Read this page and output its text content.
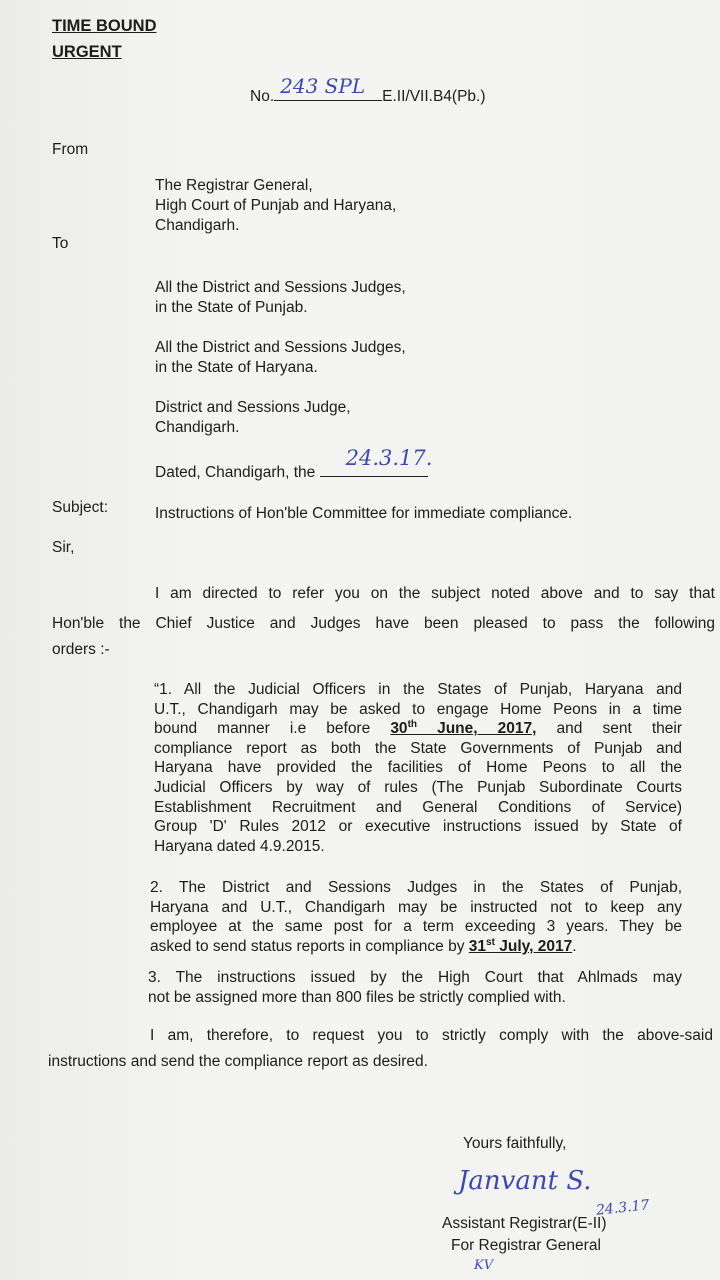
TIME BOUND
URGENT
No. 243 SPL E.II/VII.B4(Pb.)
From
The Registrar General,
High Court of Punjab and Haryana,
Chandigarh.
To
All the District and Sessions Judges,
in the State of Punjab.
All the District and Sessions Judges,
in the State of Haryana.
District and Sessions Judge,
Chandigarh.
Dated, Chandigarh, the
24.3.17.
Subject:	Instructions of Hon'ble Committee for immediate compliance.
Sir,
I am directed to refer you on the subject noted above and to say that
Hon'ble the Chief Justice and Judges have been pleased to pass the following
orders :-
“1. All the Judicial Officers in the States of Punjab, Haryana and
U.T., Chandigarh may be asked to engage Home Peons in a time
bound manner i.e before 30th June, 2017, and sent their
compliance report as both the State Governments of Punjab and
Haryana have provided the facilities of Home Peons to all the
Judicial Officers by way of rules (The Punjab Subordinate Courts
Establishment Recruitment and General Conditions of Service)
Group 'D' Rules 2012 or executive instructions issued by State of
Haryana dated 4.9.2015.
2. The District and Sessions Judges in the States of Punjab,
Haryana and U.T., Chandigarh may be instructed not to keep any
employee at the same post for a term exceeding 3 years. They be
asked to send status reports in compliance by 31st July, 2017.
3. The instructions issued by the High Court that Ahlmads may
not be assigned more than 800 files be strictly complied with.
I am, therefore, to request you to strictly comply with the above-said
instructions and send the compliance report as desired.
Yours faithfully,
Janvant S.
24.3.17
Assistant Registrar(E-II)
For Registrar General
KV
